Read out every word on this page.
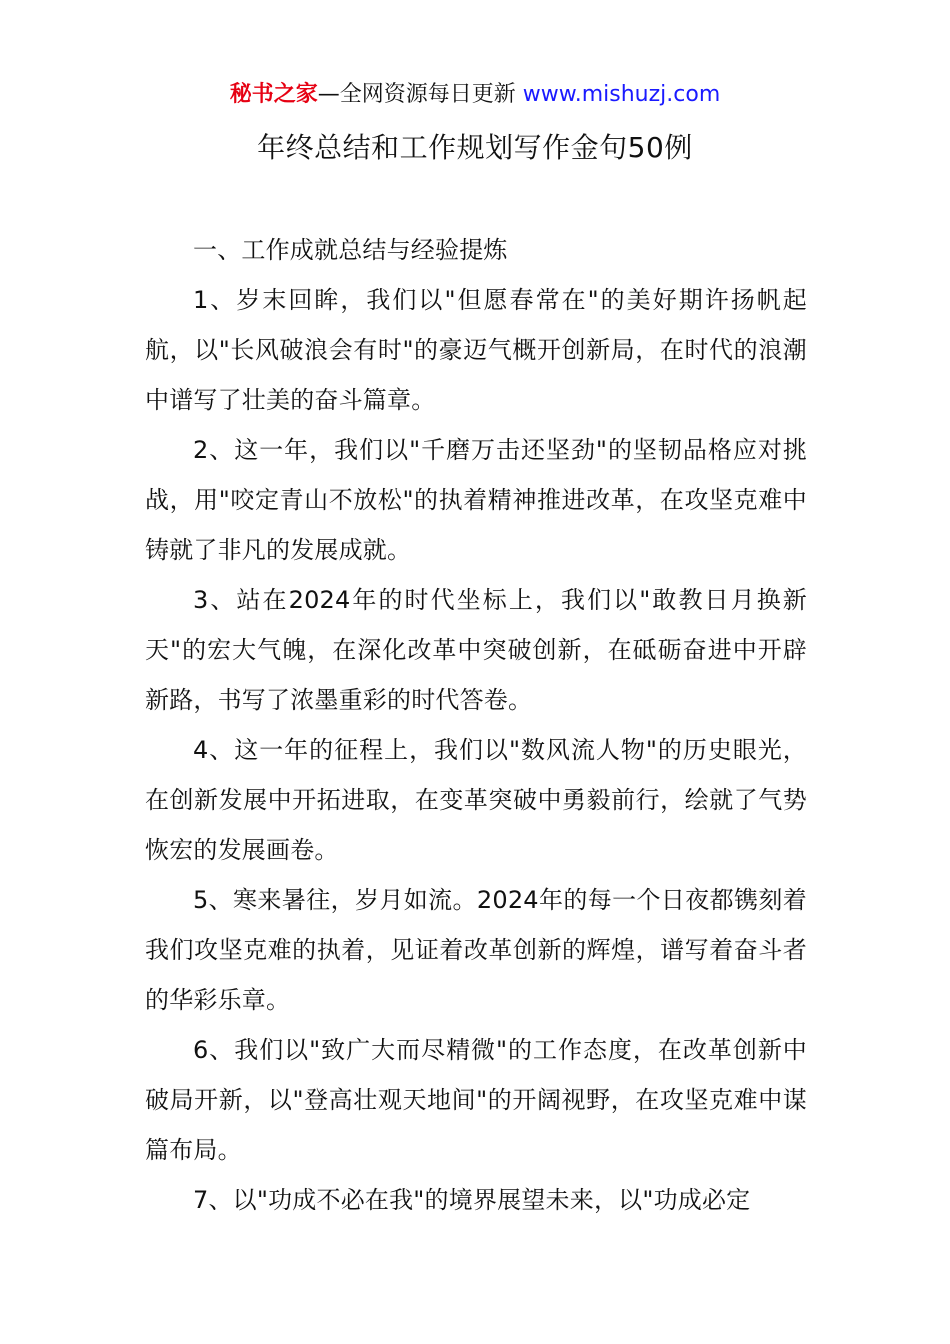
秘书之家—全网资源每日更新 www.mishuzj.com
年终总结和工作规划写作金句50例

一、工作成就总结与经验提炼

1、岁末回眸，我们以"但愿春常在"的美好期许扬帆起航，以"长风破浪会有时"的豪迈气概开创新局，在时代的浪潮中谱写了壮美的奋斗篇章。

2、这一年，我们以"千磨万击还坚劲"的坚韧品格应对挑战，用"咬定青山不放松"的执着精神推进改革，在攻坚克难中铸就了非凡的发展成就。

3、站在2024年的时代坐标上，我们以"敢教日月换新天"的宏大气魄，在深化改革中突破创新，在砥砺奋进中开辟新路，书写了浓墨重彩的时代答卷。

4、这一年的征程上，我们以"数风流人物"的历史眼光，在创新发展中开拓进取，在变革突破中勇毅前行，绘就了气势恢宏的发展画卷。

5、寒来暑往，岁月如流。2024年的每一个日夜都镌刻着我们攻坚克难的执着，见证着改革创新的辉煌，谱写着奋斗者的华彩乐章。

6、我们以"致广大而尽精微"的工作态度，在改革创新中破局开新，以"登高壮观天地间"的开阔视野，在攻坚克难中谋篇布局。

7、以"功成不必在我"的境界展望未来，以"功成必定
